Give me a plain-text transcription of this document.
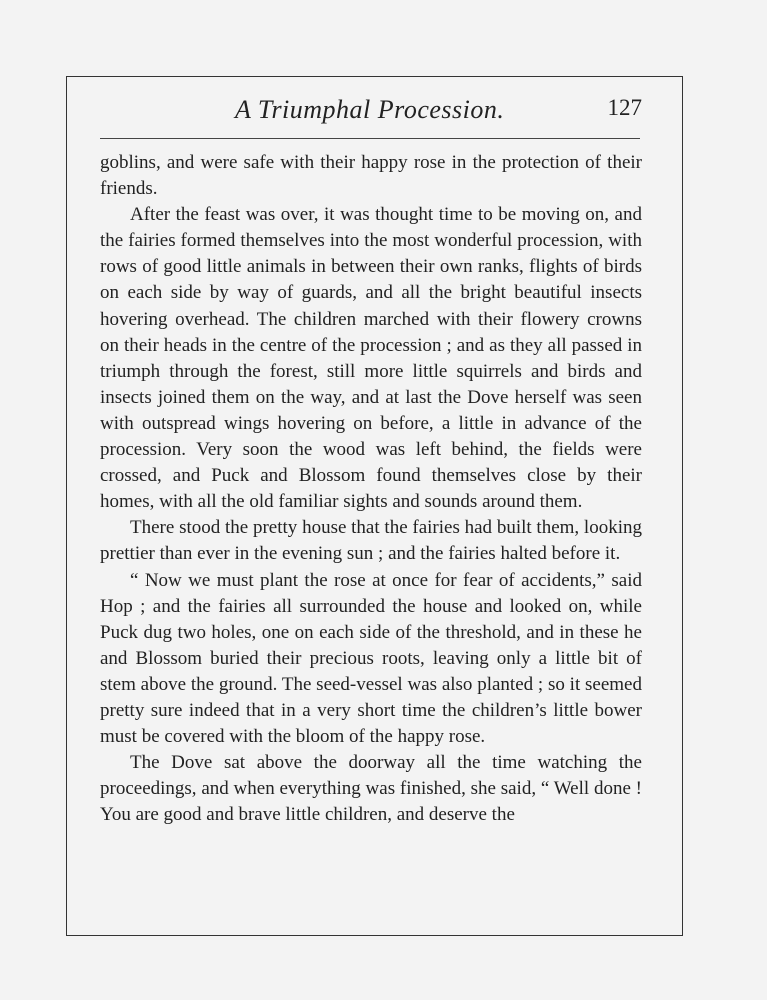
A Triumphal Procession.	127

goblins, and were safe with their happy rose in the protection of their friends.

After the feast was over, it was thought time to be moving on, and the fairies formed themselves into the most wonderful procession, with rows of good little animals in between their own ranks, flights of birds on each side by way of guards, and all the bright beautiful insects hovering overhead. The children marched with their flowery crowns on their heads in the centre of the procession ; and as they all passed in triumph through the forest, still more little squirrels and birds and insects joined them on the way, and at last the Dove herself was seen with outspread wings hovering on before, a little in advance of the procession. Very soon the wood was left behind, the fields were crossed, and Puck and Blossom found themselves close by their homes, with all the old familiar sights and sounds around them.

There stood the pretty house that the fairies had built them, looking prettier than ever in the evening sun ; and the fairies halted before it.

“ Now we must plant the rose at once for fear of accidents,” said Hop ; and the fairies all surrounded the house and looked on, while Puck dug two holes, one on each side of the threshold, and in these he and Blossom buried their precious roots, leaving only a little bit of stem above the ground. The seed-vessel was also planted ; so it seemed pretty sure indeed that in a very short time the children’s little bower must be covered with the bloom of the happy rose.

The Dove sat above the doorway all the time watching the proceedings, and when everything was finished, she said, “ Well done ! You are good and brave little children, and deserve the
